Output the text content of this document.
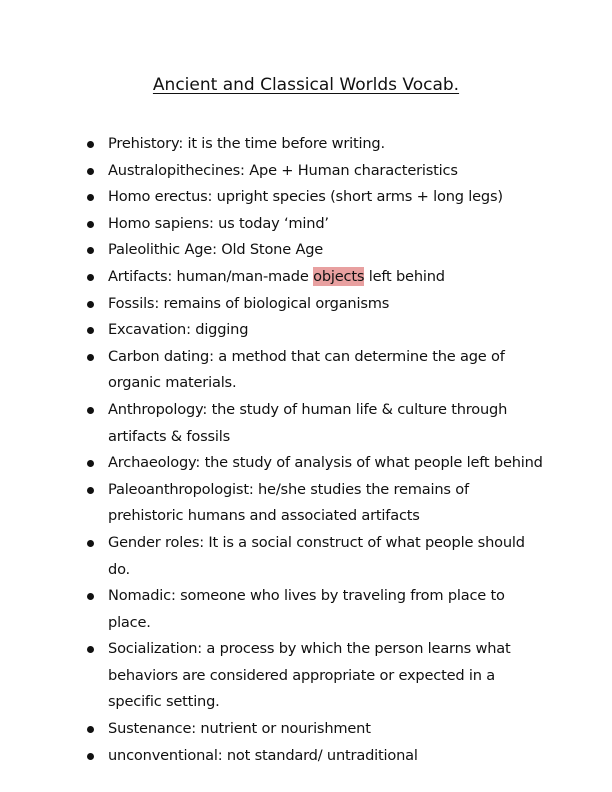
Ancient and Classical Worlds Vocab.
Prehistory: it is the time before writing.
Australopithecines: Ape + Human characteristics
Homo erectus: upright species (short arms + long legs)
Homo sapiens: us today ‘mind’
Paleolithic Age: Old Stone Age
Artifacts: human/man-made objects left behind
Fossils: remains of biological organisms
Excavation: digging
Carbon dating: a method that can determine the age of organic materials.
Anthropology: the study of human life & culture through artifacts & fossils
Archaeology: the study of analysis of what people left behind
Paleoanthropologist: he/she studies the remains of prehistoric humans and associated artifacts
Gender roles: It is a social construct of what people should do.
Nomadic: someone who lives by traveling from place to place.
Socialization: a process by which the person learns what behaviors are considered appropriate or expected in a specific setting.
Sustenance: nutrient or nourishment
unconventional: not standard/ untraditional
